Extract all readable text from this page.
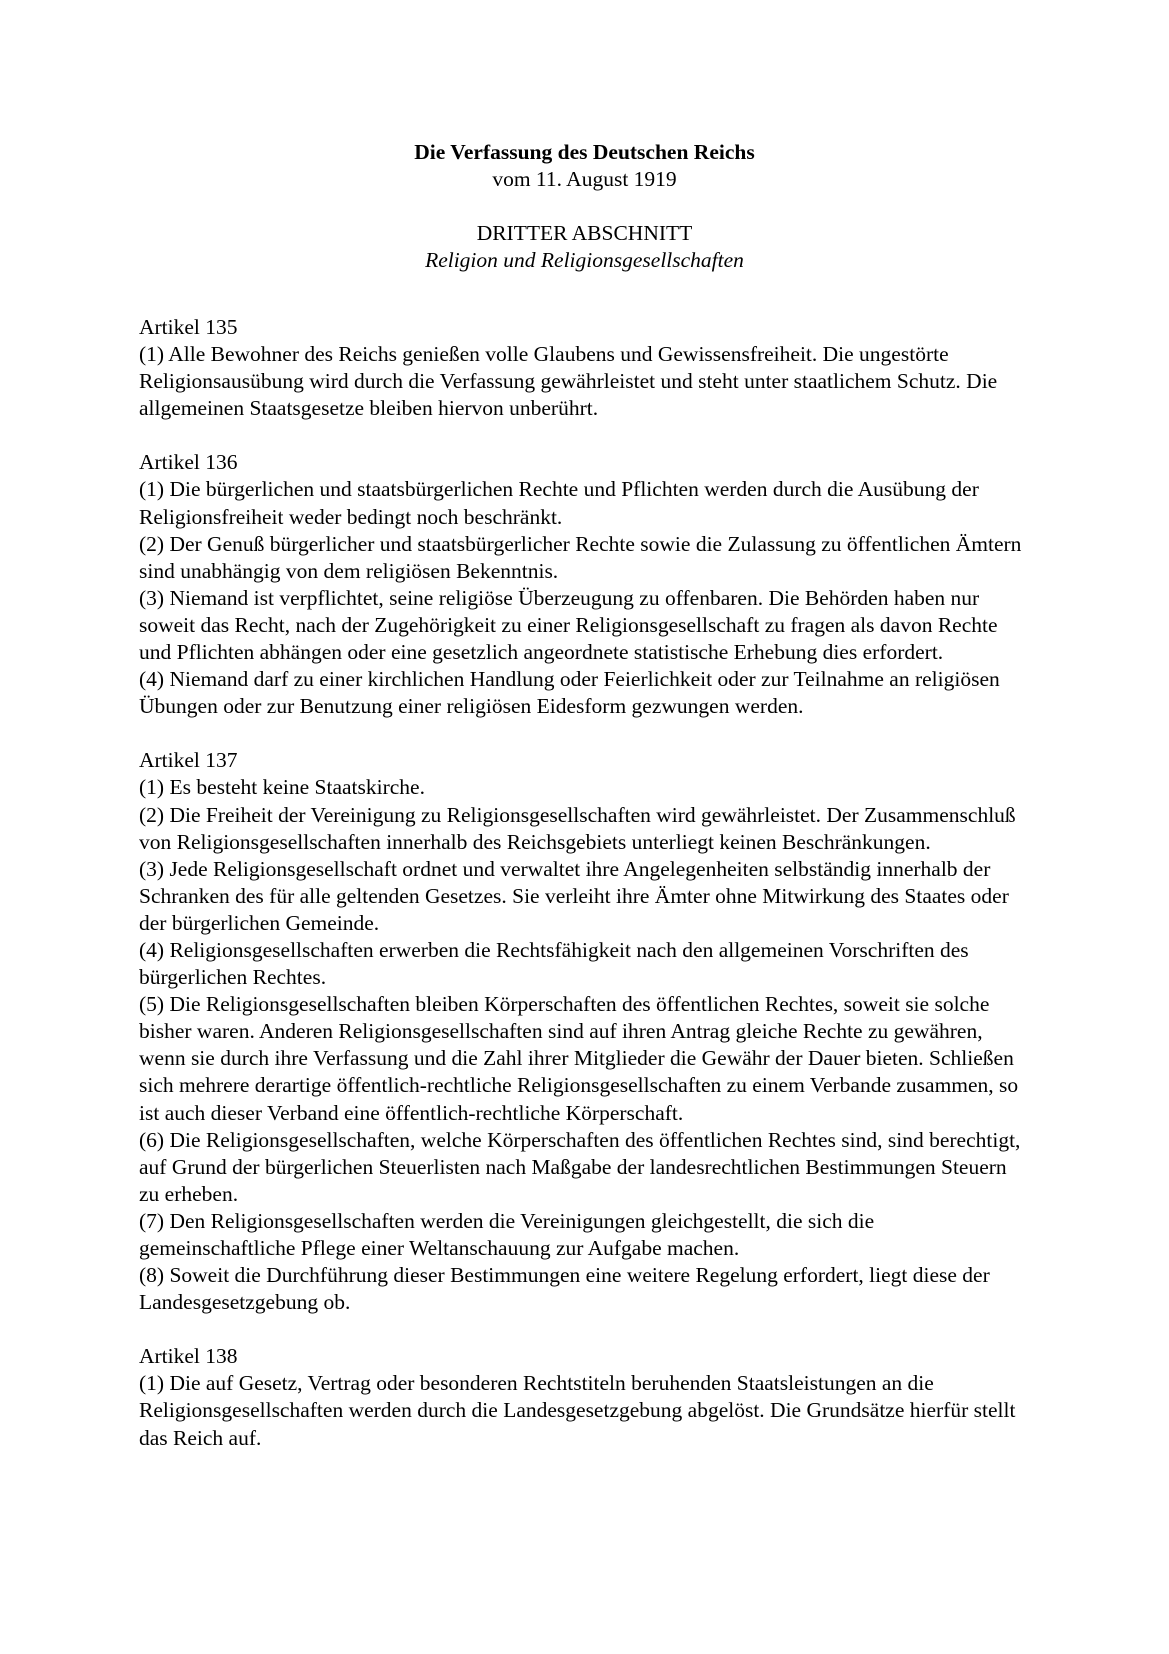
Die Verfassung des Deutschen Reichs
vom 11. August 1919
DRITTER ABSCHNITT
Religion und Religionsgesellschaften
Artikel 135
(1) Alle Bewohner des Reichs genießen volle Glaubens und Gewissensfreiheit. Die ungestörte Religionsausübung wird durch die Verfassung gewährleistet und steht unter staatlichem Schutz. Die allgemeinen Staatsgesetze bleiben hiervon unberührt.
Artikel 136
(1) Die bürgerlichen und staatsbürgerlichen Rechte und Pflichten werden durch die Ausübung der Religionsfreiheit weder bedingt noch beschränkt.
(2) Der Genuß bürgerlicher und staatsbürgerlicher Rechte sowie die Zulassung zu öffentlichen Ämtern sind unabhängig von dem religiösen Bekenntnis.
(3) Niemand ist verpflichtet, seine religiöse Überzeugung zu offenbaren. Die Behörden haben nur soweit das Recht, nach der Zugehörigkeit zu einer Religionsgesellschaft zu fragen als davon Rechte und Pflichten abhängen oder eine gesetzlich angeordnete statistische Erhebung dies erfordert.
(4) Niemand darf zu einer kirchlichen Handlung oder Feierlichkeit oder zur Teilnahme an religiösen Übungen oder zur Benutzung einer religiösen Eidesform gezwungen werden.
Artikel 137
(1) Es besteht keine Staatskirche.
(2) Die Freiheit der Vereinigung zu Religionsgesellschaften wird gewährleistet. Der Zusammenschluß von Religionsgesellschaften innerhalb des Reichsgebiets unterliegt keinen Beschränkungen.
(3) Jede Religionsgesellschaft ordnet und verwaltet ihre Angelegenheiten selbständig innerhalb der Schranken des für alle geltenden Gesetzes. Sie verleiht ihre Ämter ohne Mitwirkung des Staates oder der bürgerlichen Gemeinde.
(4) Religionsgesellschaften erwerben die Rechtsfähigkeit nach den allgemeinen Vorschriften des bürgerlichen Rechtes.
(5) Die Religionsgesellschaften bleiben Körperschaften des öffentlichen Rechtes, soweit sie solche bisher waren. Anderen Religionsgesellschaften sind auf ihren Antrag gleiche Rechte zu gewähren, wenn sie durch ihre Verfassung und die Zahl ihrer Mitglieder die Gewähr der Dauer bieten. Schließen sich mehrere derartige öffentlich-rechtliche Religionsgesellschaften zu einem Verbande zusammen, so ist auch dieser Verband eine öffentlich-rechtliche Körperschaft.
(6) Die Religionsgesellschaften, welche Körperschaften des öffentlichen Rechtes sind, sind berechtigt, auf Grund der bürgerlichen Steuerlisten nach Maßgabe der landesrechtlichen Bestimmungen Steuern zu erheben.
(7) Den Religionsgesellschaften werden die Vereinigungen gleichgestellt, die sich die gemeinschaftliche Pflege einer Weltanschauung zur Aufgabe machen.
(8) Soweit die Durchführung dieser Bestimmungen eine weitere Regelung erfordert, liegt diese der Landesgesetzgebung ob.
Artikel 138
(1) Die auf Gesetz, Vertrag oder besonderen Rechtstiteln beruhenden Staatsleistungen an die Religionsgesellschaften werden durch die Landesgesetzgebung abgelöst. Die Grundsätze hierfür stellt das Reich auf.
